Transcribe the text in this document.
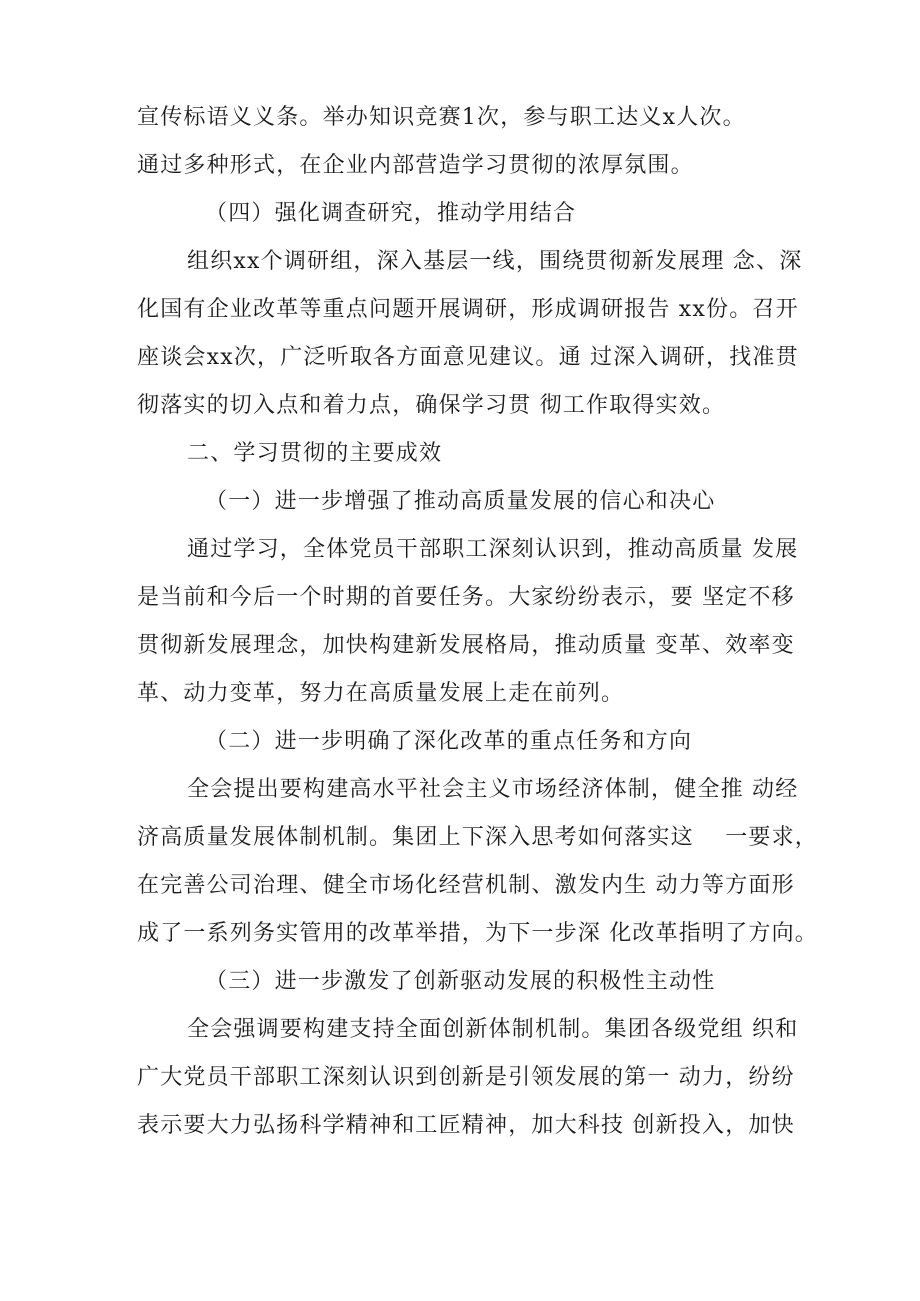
宣传标语义义条。举办知识竞赛1次，参与职工达义x人次。

通过多种形式，在企业内部营造学习贯彻的浓厚氛围。

（四）强化调查研究，推动学用结合

组织xx个调研组，深入基层一线，围绕贯彻新发展理 念、深

化国有企业改革等重点问题开展调研，形成调研报告 xx份。召开

座谈会xx次，广泛听取各方面意见建议。通 过深入调研，找准贯

彻落实的切入点和着力点，确保学习贯 彻工作取得实效。

二、学习贯彻的主要成效

（一）进一步增强了推动高质量发展的信心和决心

通过学习，全体党员干部职工深刻认识到，推动高质量 发展

是当前和今后一个时期的首要任务。大家纷纷表示，要 坚定不移

贯彻新发展理念，加快构建新发展格局，推动质量 变革、效率变

革、动力变革，努力在高质量发展上走在前列。

（二）进一步明确了深化改革的重点任务和方向

全会提出要构建高水平社会主义市场经济体制，健全推 动经

济高质量发展体制机制。集团上下深入思考如何落实这　 一要求，

在完善公司治理、健全市场化经营机制、激发内生 动力等方面形

成了一系列务实管用的改革举措，为下一步深 化改革指明了方向。

（三）进一步激发了创新驱动发展的积极性主动性

全会强调要构建支持全面创新体制机制。集团各级党组 织和

广大党员干部职工深刻认识到创新是引领发展的第一 动力，纷纷

表示要大力弘扬科学精神和工匠精神，加大科技 创新投入，加快
